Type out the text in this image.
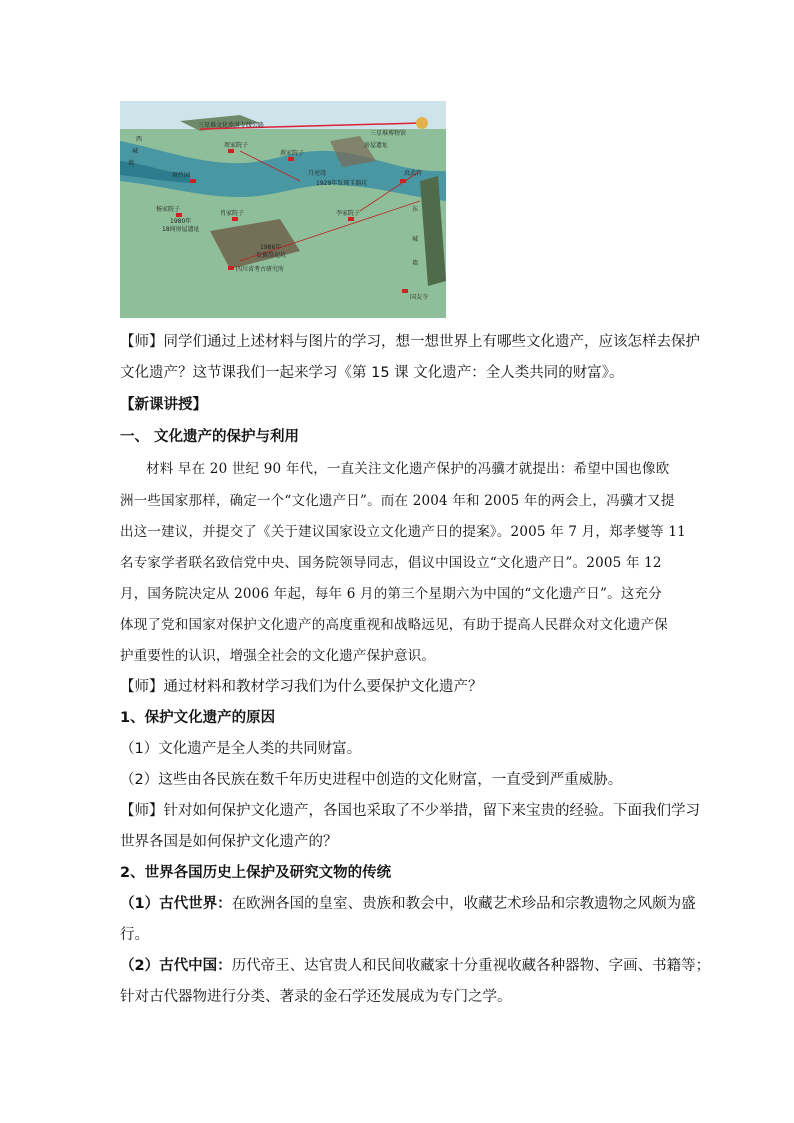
三星堆文化旅游专线公路
三星堆博物馆
房屋遗址
西
城
墙
周家院子
燕家院子
斑竹园	月亮湾
1929年发现玉器坑
真武宫
杨家院子
肖家院子	李家院子
1980年
18间房屋遗址
1986年
发掘祭祀坑
东
城
墙
四川省考古研究所
国友寺
【师】同学们通过上述材料与图片的学习，想一想世界上有哪些文化遗产，应该怎样去保护
文化遗产？这节课我们一起来学习《第 15 课 文化遗产：全人类共同的财富》。
【新课讲授】
一、 文化遗产的保护与利用
材料 早在 20 世纪 90 年代，一直关注文化遗产保护的冯骥才就提出：希望中国也像欧
洲一些国家那样，确定一个“文化遗产日”。而在 2004 年和 2005 年的两会上，冯骥才又提
出这一建议，并提交了《关于建议国家设立文化遗产日的提案》。2005 年 7 月，郑孝燮等 11
名专家学者联名致信党中央、国务院领导同志，倡议中国设立“文化遗产日”。2005 年 12
月，国务院决定从 2006 年起，每年 6 月的第三个星期六为中国的“文化遗产日”。这充分
体现了党和国家对保护文化遗产的高度重视和战略远见，有助于提高人民群众对文化遗产保
护重要性的认识，增强全社会的文化遗产保护意识。
【师】通过材料和教材学习我们为什么要保护文化遗产？
1、保护文化遗产的原因
（1）文化遗产是全人类的共同财富。
（2）这些由各民族在数千年历史进程中创造的文化财富，一直受到严重威胁。
【师】针对如何保护文化遗产，各国也采取了不少举措，留下来宝贵的经验。下面我们学习
世界各国是如何保护文化遗产的？
2、世界各国历史上保护及研究文物的传统
（1）古代世界：在欧洲各国的皇室、贵族和教会中，收藏艺术珍品和宗教遗物之风颇为盛
行。
（2）古代中国：历代帝王、达官贵人和民间收藏家十分重视收藏各种器物、字画、书籍等；
针对古代器物进行分类、著录的金石学还发展成为专门之学。
